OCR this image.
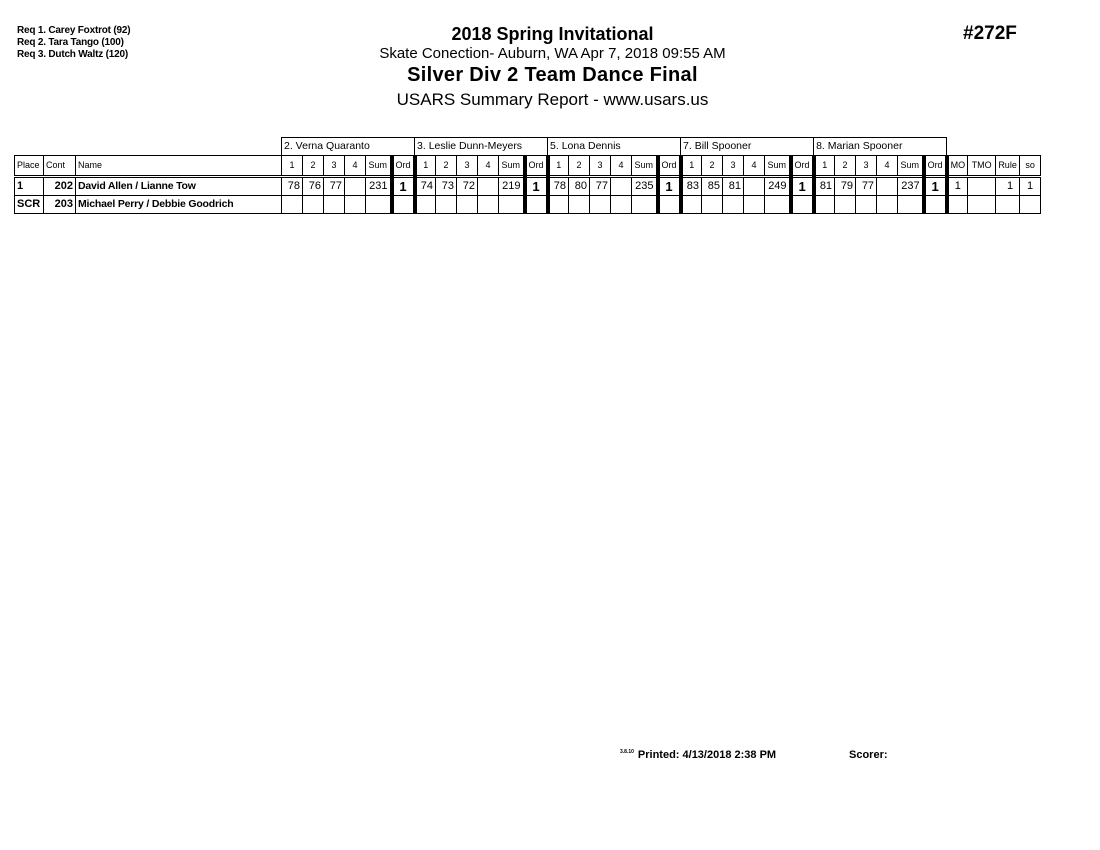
Req 1. Carey Foxtrot (92)
Req 2. Tara Tango (100)
Req 3. Dutch Waltz (120)
2018 Spring Invitational
Skate Conection- Auburn, WA Apr 7, 2018 09:55 AM
Silver Div 2 Team Dance Final
USARS Summary Report - www.usars.us
#272F
			2. Verna Quaranto						3. Leslie Dunn-Meyers						5. Lona Dennis						7. Bill Spooner						8. Marian Spooner									
Place	Cont	Name	1	2	3	4	Sum	Ord	1	2	3	4	Sum	Ord	1	2	3	4	Sum	Ord	1	2	3	4	Sum	Ord	1	2	3	4	Sum	Ord	MO	TMO	Rule	so
1	202	David Allen / Lianne Tow	78	76	77		231	1	74	73	72		219	1	78	80	77		235	1	83	85	81		249	1	81	79	77		237	1	1		1	1
SCR	203	Michael Perry / Debbie Goodrich																																		
$^{3.8.10}$ Printed: 4/13/2018 2:38 PM	Scorer:
